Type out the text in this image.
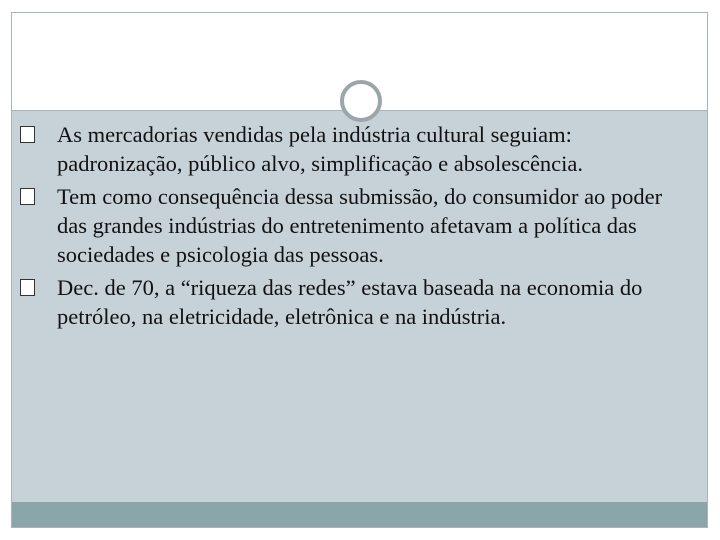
As mercadorias vendidas pela indústria cultural seguiam: padronização, público alvo, simplificação e absolescência.
Tem como consequência dessa submissão, do consumidor ao poder das grandes indústrias do entretenimento afetavam a política das sociedades e psicologia das pessoas.
Dec. de 70, a “riqueza das redes” estava baseada na economia do petróleo, na eletricidade, eletrônica e na indústria.
